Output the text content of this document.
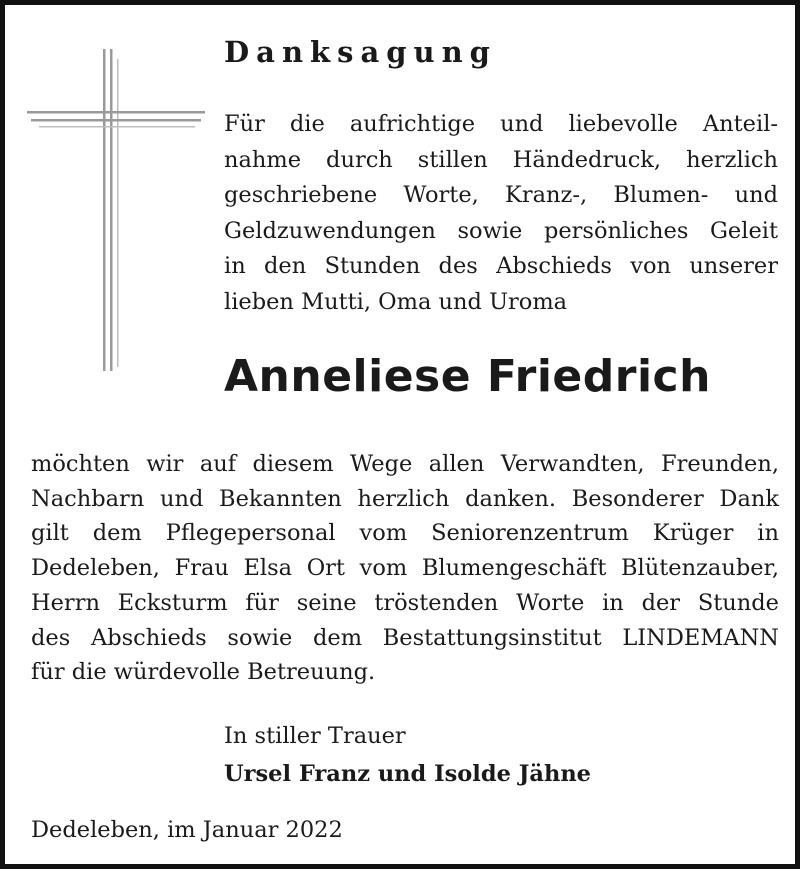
Danksagung
Für die aufrichtige und liebevolle Anteil-
nahme durch stillen Händedruck, herzlich
geschriebene Worte, Kranz-, Blumen- und
Geldzuwendungen sowie persönliches Geleit
in den Stunden des Abschieds von unserer
lieben Mutti, Oma und Uroma
Anneliese Friedrich
möchten wir auf diesem Wege allen Verwandten, Freunden,
Nachbarn und Bekannten herzlich danken. Besonderer Dank
gilt dem Pflegepersonal vom Seniorenzentrum Krüger in
Dedeleben, Frau Elsa Ort vom Blumengeschäft Blütenzauber,
Herrn Ecksturm für seine tröstenden Worte in der Stunde
des Abschieds sowie dem Bestattungsinstitut LINDEMANN
für die würdevolle Betreuung.
In stiller Trauer
Ursel Franz und Isolde Jähne
Dedeleben, im Januar 2022
